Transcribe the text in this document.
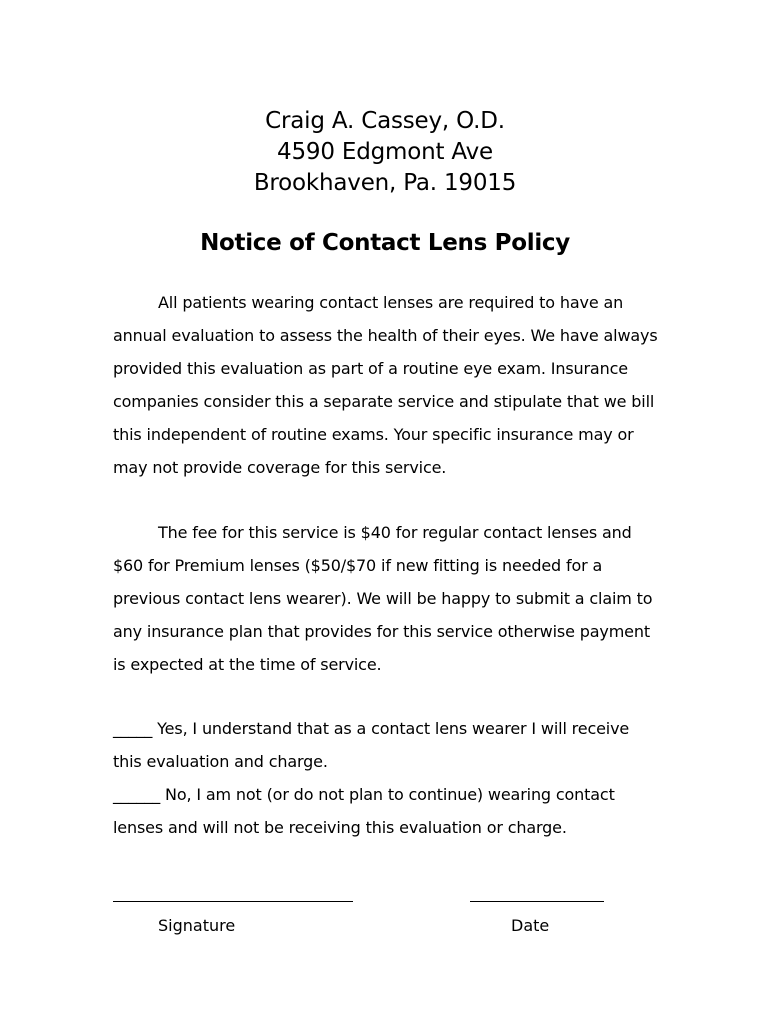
Craig A. Cassey, O.D.
4590 Edgmont Ave
Brookhaven, Pa. 19015
Notice of Contact Lens Policy
All patients wearing contact lenses are required to have an
annual evaluation to assess the health of their eyes. We have always
provided this evaluation as part of a routine eye exam. Insurance
companies consider this a separate service and stipulate that we bill
this independent of routine exams. Your specific insurance may or
may not provide coverage for this service.
The fee for this service is $40 for regular contact lenses and
$60 for Premium lenses ($50/$70 if new fitting is needed for a
previous contact lens wearer). We will be happy to submit a claim to
any insurance plan that provides for this service otherwise payment
is expected at the time of service.
_____ Yes, I understand that as a contact lens wearer I will receive
this evaluation and charge.
______ No, I am not (or do not plan to continue) wearing contact
lenses and will not be receiving this evaluation or charge.
Signature	Date
